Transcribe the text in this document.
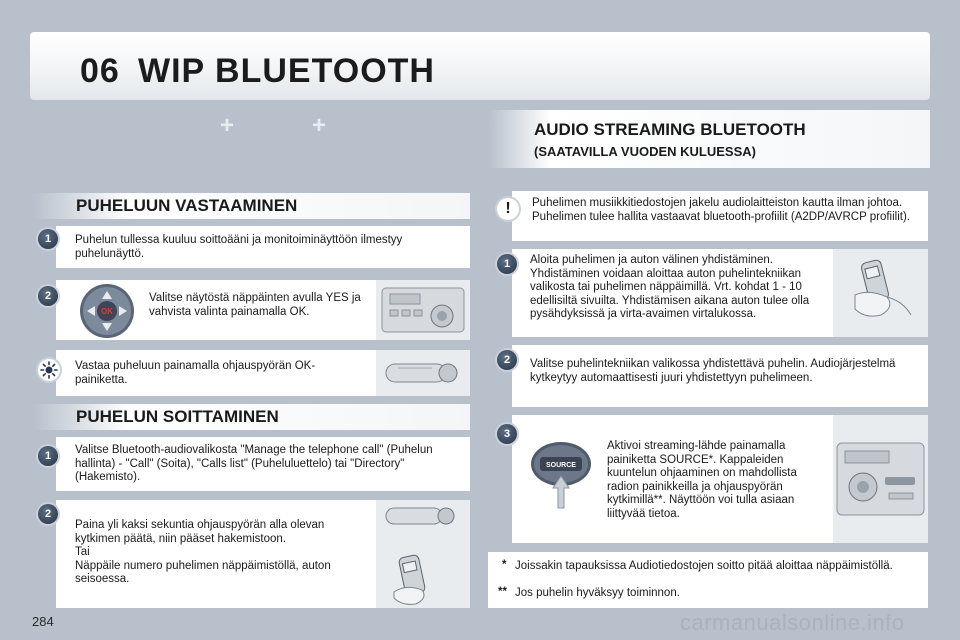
06 WIP BLUETOOTH
+	+
PUHELUUN VASTAAMINEN
1	Puhelun tullessa kuuluu soittoääni ja monitoiminäyttöön ilmestyy puhelunäyttö.
2
OK
Valitse näytöstä näppäinten avulla YES ja vahvista valinta painamalla OK.
Vastaa puheluun painamalla ohjauspyörän OK-painiketta.
PUHELUN SOITTAMINEN
1	Valitse Bluetooth-audiovalikosta "Manage the telephone call" (Puhelun hallinta) - "Call" (Soita), "Calls list" (Puheluluettelo) tai "Directory" (Hakemisto).
2
Paina yli kaksi sekuntia ohjauspyörän alla olevan kytkimen päätä, niin pääset hakemistoon.
Tai
Näppäile numero puhelimen näppäimistöllä, auton seisoessa.
AUDIO STREAMING BLUETOOTH
(SAATAVILLA VUODEN KULUESSA)
!	Puhelimen musiikkitiedostojen jakelu audiolaitteiston kautta ilman johtoa. Puhelimen tulee hallita vastaavat bluetooth-profiilit (A2DP/AVRCP profiilit).
1	Aloita puhelimen ja auton välinen yhdistäminen. Yhdistäminen voidaan aloittaa auton puhelintekniikan valikosta tai puhelimen näppäimillä. Vrt. kohdat 1 - 10 edellisiltä sivuilta. Yhdistämisen aikana auton tulee olla pysähdyksissä ja virta-avaimen virtalukossa.
2	Valitse puhelintekniikan valikossa yhdistettävä puhelin. Audiojärjestelmä kytkeytyy automaattisesti juuri yhdistettyyn puhelimeen.
3
SOURCE
Aktivoi streaming-lähde painamalla painiketta SOURCE*. Kappaleiden kuuntelun ohjaaminen on mahdollista radion painikkeilla ja ohjauspyörän kytkimillä**. Näyttöön voi tulla asiaan liittyvää tietoa.
* Joissakin tapauksissa Audiotiedostojen soitto pitää aloittaa näppäimistöllä.
** Jos puhelin hyväksyy toiminnon.
284	carmanualsonline.info
